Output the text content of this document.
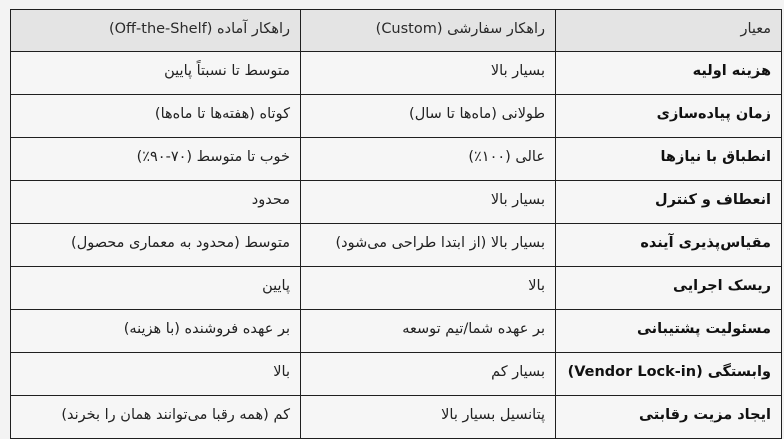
معیار	راهکار سفارشی (Custom)	راهکار آماده (Off-the-Shelf)
هزینه اولیه	بسیار بالا	متوسط تا نسبتاً پایین
زمان پیاده‌سازی	طولانی (ماه‌ها تا سال)	کوتاه (هفته‌ها تا ماه‌ها)
انطباق با نیازها	عالی (۱۰۰٪)	خوب تا متوسط (۷۰-۹۰٪)
انعطاف و کنترل	بسیار بالا	محدود
مقیاس‌پذیری آینده	بسیار بالا (از ابتدا طراحی می‌شود)	متوسط (محدود به معماری محصول)
ریسک اجرایی	بالا	پایین
مسئولیت پشتیبانی	بر عهده شما/تیم توسعه	بر عهده فروشنده (با هزینه)
وابستگی (Vendor Lock-in)	بسیار کم	بالا
ایجاد مزیت رقابتی	پتانسیل بسیار بالا	کم (همه رقبا می‌توانند همان را بخرند)
